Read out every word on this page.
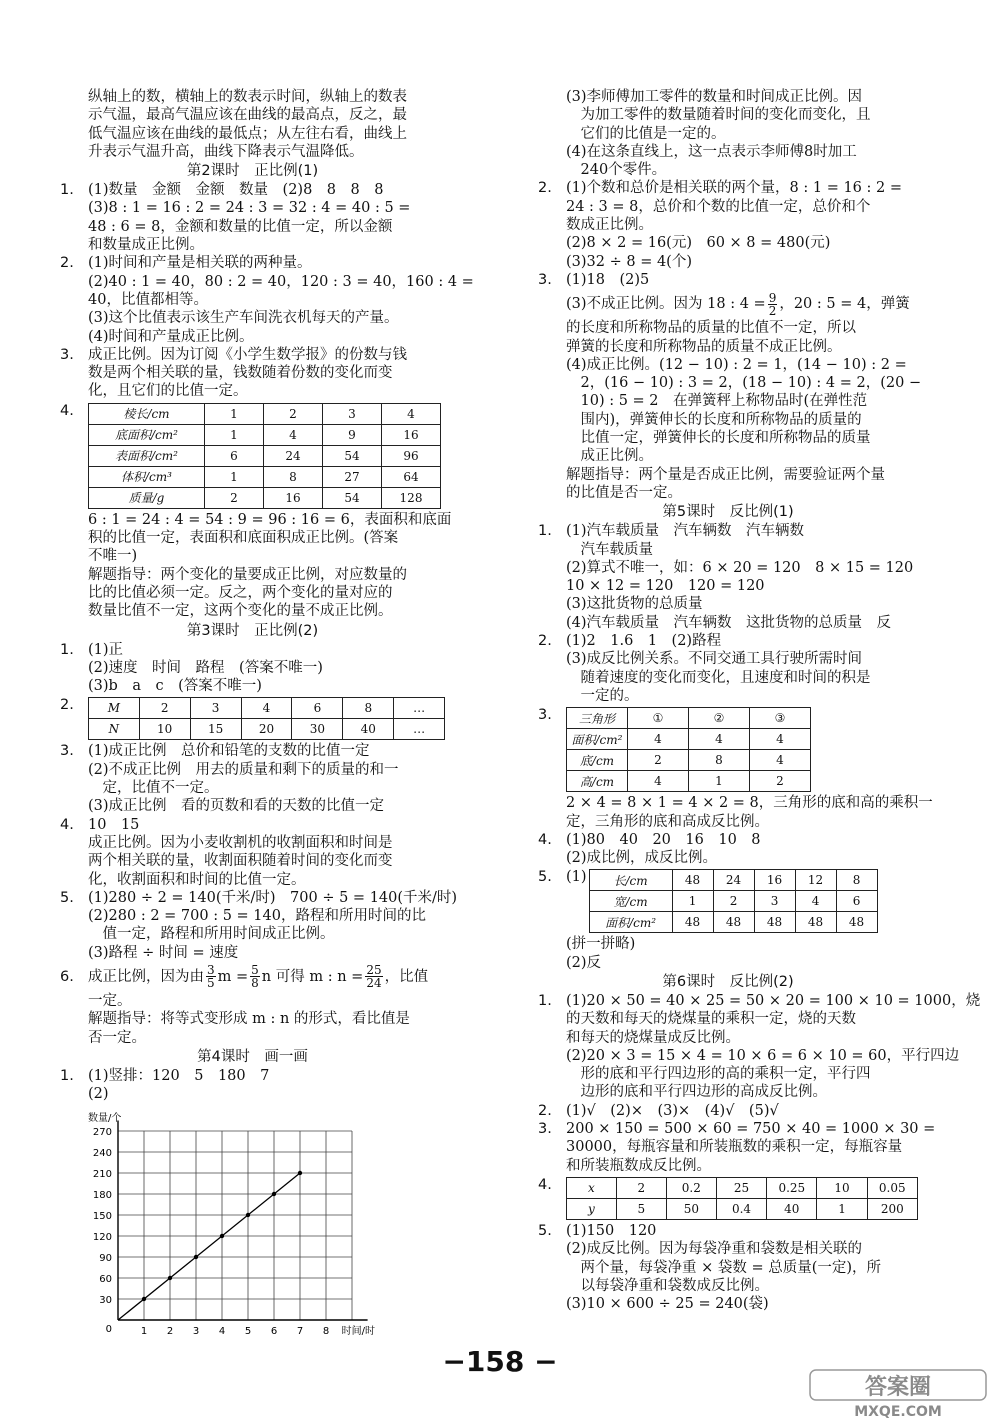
纵轴上的数，横轴上的数表示时间，纵轴上的数表
示气温，最高气温应该在曲线的最高点，反之，最
低气温应该在曲线的最低点；从左往右看，曲线上
升表示气温升高，曲线下降表示气温降低。
第2课时　正比例(1)
1. (1)数量　金额　金额　数量　(2)8　8　8　8
(3)8 : 1 = 16 : 2 = 24 : 3 = 32 : 4 = 40 : 5 =
48 : 6 = 8，金额和数量的比值一定，所以金额
和数量成正比例。
2. (1)时间和产量是相关联的两种量。
(2)40 : 1 = 40，80 : 2 = 40，120 : 3 = 40，160 : 4 =
40，比值都相等。
(3)这个比值表示该生产车间洗衣机每天的产量。
(4)时间和产量成正比例。
3. 成正比例。因为订阅《小学生数学报》的份数与钱
数是两个相关联的量，钱数随着份数的变化而变
化，且它们的比值一定。
4.	棱长/cm	1	2	3	4
底面积/cm²	1	4	9	16
表面积/cm²	6	24	54	96
体积/cm³	1	8	27	64
质量/g	2	16	54	128
6 : 1 = 24 : 4 = 54 : 9 = 96 : 16 = 6，表面积和底面
积的比值一定，表面积和底面积成正比例。(答案
不唯一)
解题指导：两个变化的量要成正比例，对应数量的
比的比值必须一定。反之，两个变化的量对应的
数量比值不一定，这两个变化的量不成正比例。
第3课时　正比例(2)
1. (1)正
(2)速度　时间　路程　(答案不唯一)
(3)b　a　c　(答案不唯一)
2.	M	2	3	4	6	8	…
N	10	15	20	30	40	…
3. (1)成正比例　总价和铅笔的支数的比值一定
(2)不成正比例　用去的质量和剩下的质量的和一
　定，比值不一定。
(3)成正比例　看的页数和看的天数的比值一定
4. 10　15
成正比例。因为小麦收割机的收割面积和时间是
两个相关联的量，收割面积随着时间的变化而变
化，收割面积和时间的比值一定。
5. (1)280 ÷ 2 = 140(千米/时)　700 ÷ 5 = 140(千米/时)
(2)280 : 2 = 700 : 5 = 140，路程和所用时间的比
　值一定，路程和所用时间成正比例。
(3)路程 ÷ 时间 = 速度
6. 成正比例，因为由 $\frac{3}{5}$ $m = \frac{5}{8}$ n 可得 m : $n = \frac{25}{24}$ ，比值
一定。
解题指导：将等式变形成 m : n 的形式，看比值是
否一定。
第4课时　画一画
1. (1)竖排：120　5　180　7
(2)
(3)李师傅加工零件的数量和时间成正比例。因
　为加工零件的数量随着时间的变化而变化，且
　它们的比值是一定的。
(4)在这条直线上，这一点表示李师傅8时加工
　240个零件。
2. (1)个数和总价是相关联的两个量，8 : 1 = 16 : 2 =
24 : 3 = 8，总价和个数的比值一定，总价和个
数成正比例。
(2)8 × 2 = 16(元)　60 × 8 = 480(元)
(3)32 ÷ 8 = 4(个)
3. (1)18　(2)5
(3)不成正比例。因为 18 : $4 = \frac{9}{2}$ ，20 : 5 = 4，弹簧
的长度和所称物品的质量的比值不一定，所以
弹簧的长度和所称物品的质量不成正比例。
(4)成正比例。(12 − 10) : 2 = 1，(14 − 10) : 2 =
　2，(16 − 10) : 3 = 2，(18 − 10) : 4 = 2，(20 −
　10) : 5 = 2　在弹簧秤上称物品时(在弹性范
　围内)，弹簧伸长的长度和所称物品的质量的
　比值一定，弹簧伸长的长度和所称物品的质量
　成正比例。
解题指导：两个量是否成正比例，需要验证两个量
的比值是否一定。
第5课时　反比例(1)
1. (1)汽车载质量　汽车辆数　汽车辆数
　汽车载质量
(2)算式不唯一，如：6 × 20 = 120　8 × 15 = 120
10 × 12 = 120　120 = 120
(3)这批货物的总质量
(4)汽车载质量　汽车辆数　这批货物的总质量　反
2. (1)2　1.6　1　(2)路程
(3)成反比例关系。不同交通工具行驶所需时间
　随着速度的变化而变化，且速度和时间的积是
　一定的。
3.	三角形	①	②	③
面积/cm²	4	4	4
底/cm	2	8	4
高/cm	4	1	2
2 × 4 = 8 × 1 = 4 × 2 = 8，三角形的底和高的乘积一
定，三角形的底和高成反比例。
4. (1)80　40　20　16　10　8
(2)成比例，成反比例。
5. (1) 长/cm	48	24	16	12	8
宽/cm	1	2	3	4	6
面积/cm²	48	48	48	48	48
(拼一拼略)
(2)反
第6课时　反比例(2)
1. (1)20 × 50 = 40 × 25 = 50 × 20 = 100 × 10 = 1000，烧
的天数和每天的烧煤量的乘积一定，烧的天数
和每天的烧煤量成反比例。
(2)20 × 3 = 15 × 4 = 10 × 6 = 6 × 10 = 60，平行四边
　形的底和平行四边形的高的乘积一定，平行四
　边形的底和平行四边形的高成反比例。
2. (1)√　(2)×　(3)×　(4)√　(5)√
3. 200 × 150 = 500 × 60 = 750 × 40 = 1000 × 30 =
30000，每瓶容量和所装瓶数的乘积一定，每瓶容量
和所装瓶数成反比例。
4.	x	2	0.2	25	0.25	10	0.05
y	5	50	0.4	40	1	200
5. (1)150　120
(2)成反比例。因为每袋净重和袋数是相关联的
　两个量，每袋净重 × 袋数 = 总质量(一定)，所
　以每袋净重和袋数成反比例。
(3)10 × 600 ÷ 25 = 240(袋)
1 2 3 4 5 6 7 8
30
60
90
120
150
180
210
240
270
0
数量/个
时间/时
−158 −
答案圈
MXQE.COM
